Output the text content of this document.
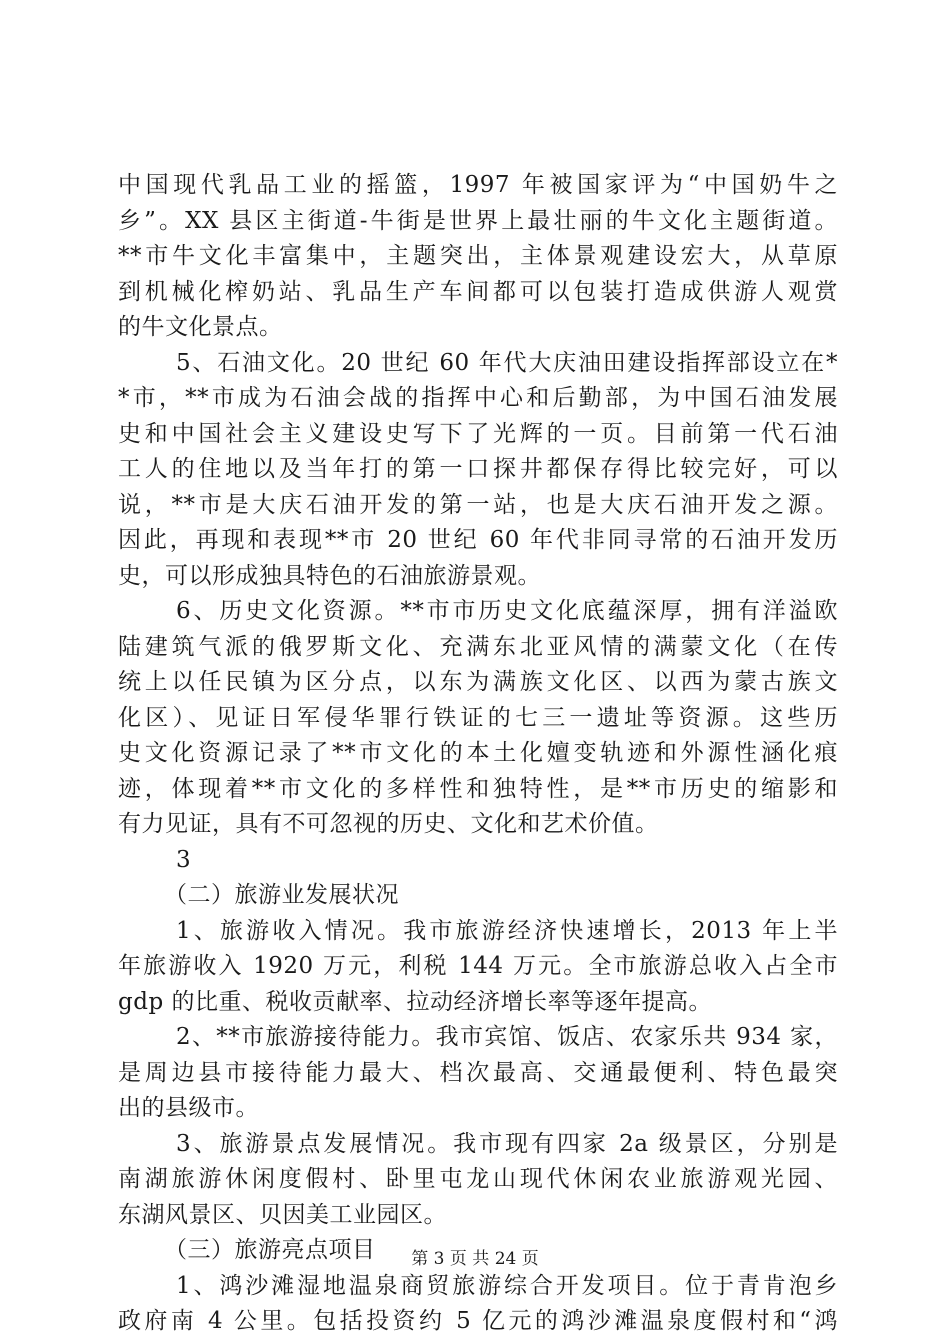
中国现代乳品工业的摇篮，1997 年被国家评为“中国奶牛之
乡”。XX 县区主街道-牛街是世界上最壮丽的牛文化主题街道。
**市牛文化丰富集中，主题突出，主体景观建设宏大，从草原
到机械化榨奶站、乳品生产车间都可以包装打造成供游人观赏
的牛文化景点。
5、石油文化。20 世纪 60 年代大庆油田建设指挥部设立在*
*市，**市成为石油会战的指挥中心和后勤部，为中国石油发展
史和中国社会主义建设史写下了光辉的一页。目前第一代石油
工人的住地以及当年打的第一口探井都保存得比较完好，可以
说，**市是大庆石油开发的第一站，也是大庆石油开发之源。
因此，再现和表现**市 20 世纪 60 年代非同寻常的石油开发历
史，可以形成独具特色的石油旅游景观。
6、历史文化资源。**市市历史文化底蕴深厚，拥有洋溢欧
陆建筑气派的俄罗斯文化、充满东北亚风情的满蒙文化（在传
统上以任民镇为区分点，以东为满族文化区、以西为蒙古族文
化区）、见证日军侵华罪行铁证的七三一遗址等资源。这些历
史文化资源记录了**市文化的本土化嬗变轨迹和外源性涵化痕
迹，体现着**市文化的多样性和独特性，是**市历史的缩影和
有力见证，具有不可忽视的历史、文化和艺术价值。
3
（二）旅游业发展状况
1、旅游收入情况。我市旅游经济快速增长，2013 年上半
年旅游收入 1920 万元，利税 144 万元。全市旅游总收入占全市
gdp 的比重、税收贡献率、拉动经济增长率等逐年提高。
2、**市旅游接待能力。我市宾馆、饭店、农家乐共 934 家，
是周边县市接待能力最大、档次最高、交通最便利、特色最突
出的县级市。
3、旅游景点发展情况。我市现有四家 2a 级景区，分别是
南湖旅游休闲度假村、卧里屯龙山现代休闲农业旅游观光园、
东湖风景区、贝因美工业园区。
（三）旅游亮点项目
1、鸿沙滩湿地温泉商贸旅游综合开发项目。位于青肯泡乡
政府南 4 公里。包括投资约 5 亿元的鸿沙滩温泉度假村和“鸿
第 3 页 共 24 页
